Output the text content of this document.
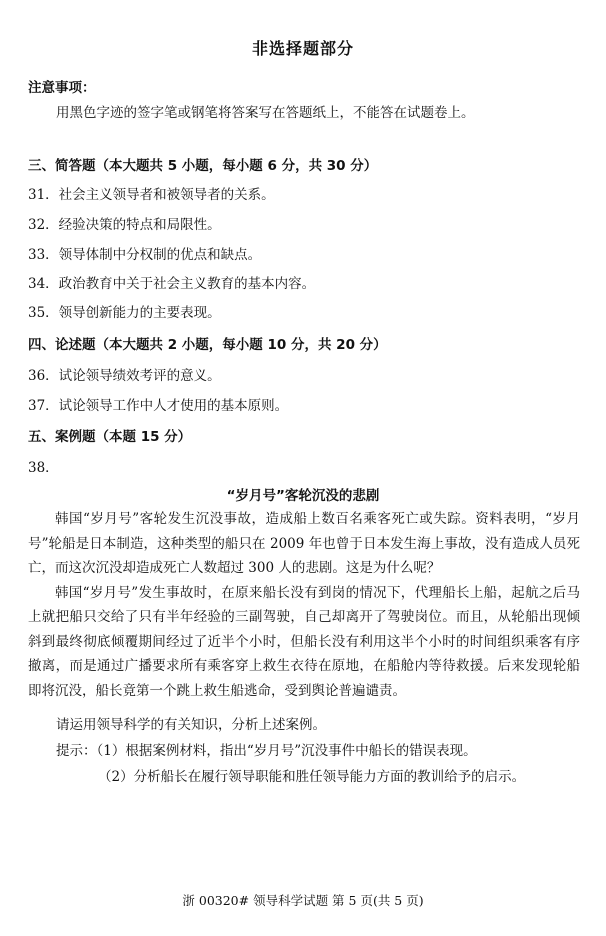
非选择题部分
注意事项：
用黑色字迹的签字笔或钢笔将答案写在答题纸上，不能答在试题卷上。
三、简答题（本大题共 5 小题，每小题 6 分，共 30 分）
31．社会主义领导者和被领导者的关系。
32．经验决策的特点和局限性。
33．领导体制中分权制的优点和缺点。
34．政治教育中关于社会主义教育的基本内容。
35．领导创新能力的主要表现。
四、论述题（本大题共 2 小题，每小题 10 分，共 20 分）
36．试论领导绩效考评的意义。
37．试论领导工作中人才使用的基本原则。
五、案例题（本题 15 分）
38．
“岁月号”客轮沉没的悲剧

韩国“岁月号”客轮发生沉没事故，造成船上数百名乘客死亡或失踪。资料表明，“岁月号”轮船是日本制造，这种类型的船只在 2009 年也曾于日本发生海上事故，没有造成人员死亡，而这次沉没却造成死亡人数超过 300 人的悲剧。这是为什么呢？

韩国“岁月号”发生事故时，在原来船长没有到岗的情况下，代理船长上船，起航之后马上就把船只交给了只有半年经验的三副驾驶，自己却离开了驾驶岗位。而且，从轮船出现倾斜到最终彻底倾覆期间经过了近半个小时，但船长没有利用这半个小时的时间组织乘客有序撤离，而是通过广播要求所有乘客穿上救生衣待在原地，在船舱内等待救援。后来发现轮船即将沉没，船长竟第一个跳上救生船逃命，受到舆论普遍谴责。

请运用领导科学的有关知识，分析上述案例。
提示：（1）根据案例材料，指出“岁月号”沉没事件中船长的错误表现。
（2）分析船长在履行领导职能和胜任领导能力方面的教训给予的启示。
浙 00320# 领导科学试题 第 5 页(共 5 页)
